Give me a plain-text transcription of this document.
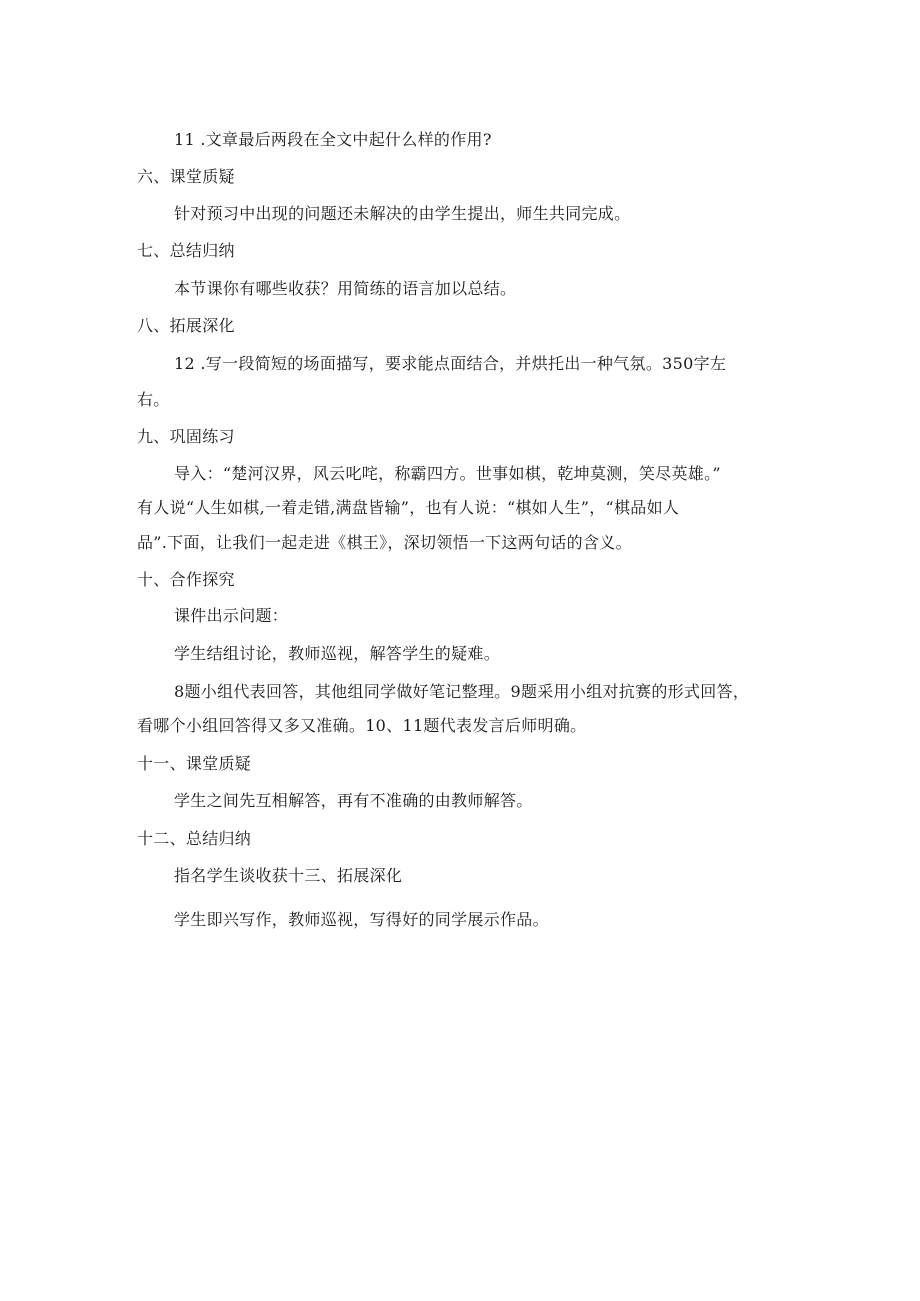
11 .文章最后两段在全文中起什么样的作用?
六、课堂质疑
针对预习中出现的问题还未解决的由学生提出，师生共同完成。
七、总结归纳
本节课你有哪些收获？用简练的语言加以总结。
八、拓展深化
12 .写一段简短的场面描写，要求能点面结合，并烘托出一种气氛。350字左
右。
九、巩固练习
导入：“楚河汉界，风云叱咤，称霸四方。世事如棋，乾坤莫测，笑尽英雄。”
有人说“人生如棋,一着走错,满盘皆输”，也有人说：“棋如人生”，“棋品如人
品”.下面，让我们一起走进《棋王》，深切领悟一下这两句话的含义。
十、合作探究
课件出示问题：
学生结组讨论，教师巡视，解答学生的疑难。
8题小组代表回答，其他组同学做好笔记整理。9题采用小组对抗赛的形式回答，
看哪个小组回答得又多又准确。10、11题代表发言后师明确。
十一、课堂质疑
学生之间先互相解答，再有不准确的由教师解答。
十二、总结归纳
指名学生谈收获十三、拓展深化
学生即兴写作，教师巡视，写得好的同学展示作品。
